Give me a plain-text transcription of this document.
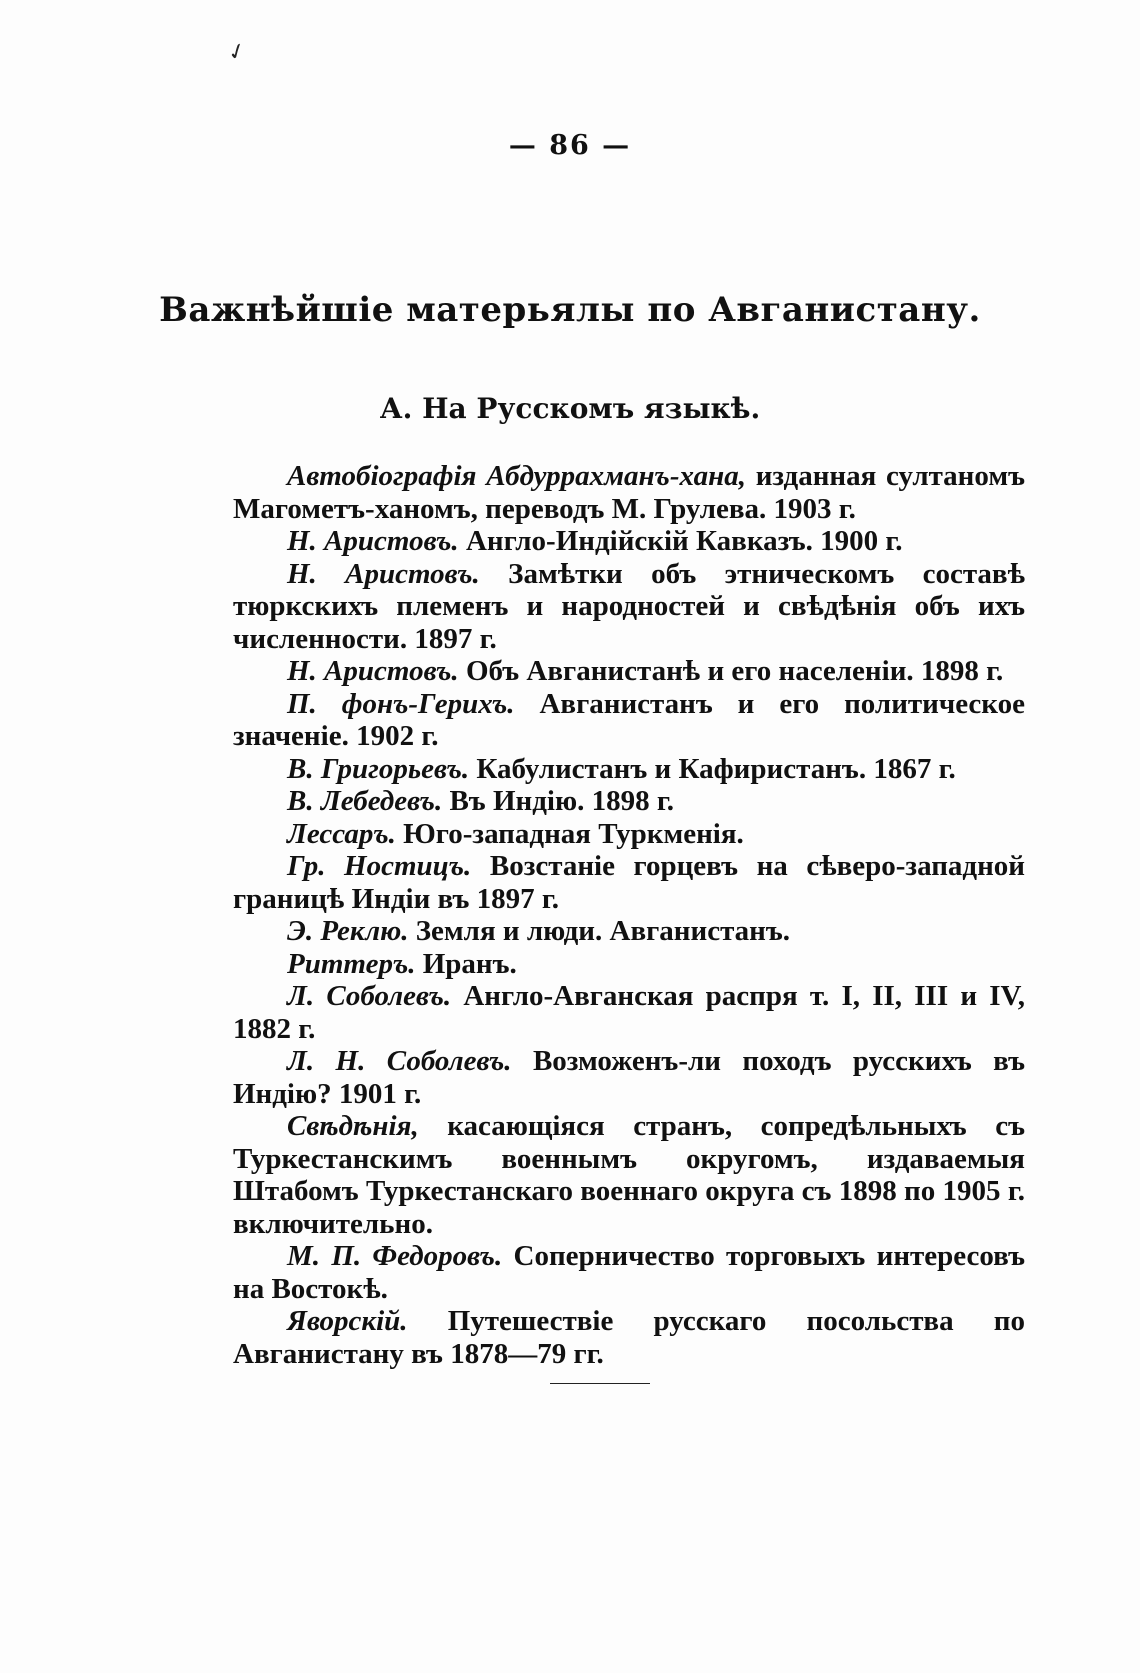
✓
— 86 —
Важнѣйшіе матерьялы по Авганистану.
А. На Русскомъ языкѣ.

Автобіографія Абдуррахманъ-хана, изданная султаномъ Магометъ-ханомъ, переводъ М. Грулева. 1903 г.

Н. Аристовъ. Англо-Индійскій Кавказъ. 1900 г.

Н. Аристовъ. Замѣтки объ этническомъ составѣ тюркскихъ племенъ и народностей и свѣдѣнія объ ихъ численности. 1897 г.

Н. Аристовъ. Объ Авганистанѣ и его населеніи. 1898 г.

П. фонъ-Герихъ. Авганистанъ и его политическое значеніе. 1902 г.

В. Григорьевъ. Кабулистанъ и Кафиристанъ. 1867 г.

В. Лебедевъ. Въ Индію. 1898 г.

Лессаръ. Юго-западная Туркменія.

Гр. Ностицъ. Возстаніе горцевъ на сѣверо-западной границѣ Индіи въ 1897 г.

Э. Реклю. Земля и люди. Авганистанъ.

Риттеръ. Иранъ.

Л. Соболевъ. Англо-Авганская распря т. I, II, III и IV, 1882 г.

Л. Н. Соболевъ. Возможенъ-ли походъ русскихъ въ Индію? 1901 г.

Свѣдѣнія, касающіяся странъ, сопредѣльныхъ съ Туркестанскимъ военнымъ округомъ, издаваемыя Штабомъ Туркестанскаго военнаго округа съ 1898 по 1905 г. включительно.

М. П. Федоровъ. Соперничество торговыхъ интересовъ на Востокѣ.

Яворскій. Путешествіе русскаго посольства по Авганистану въ 1878—79 гг.
